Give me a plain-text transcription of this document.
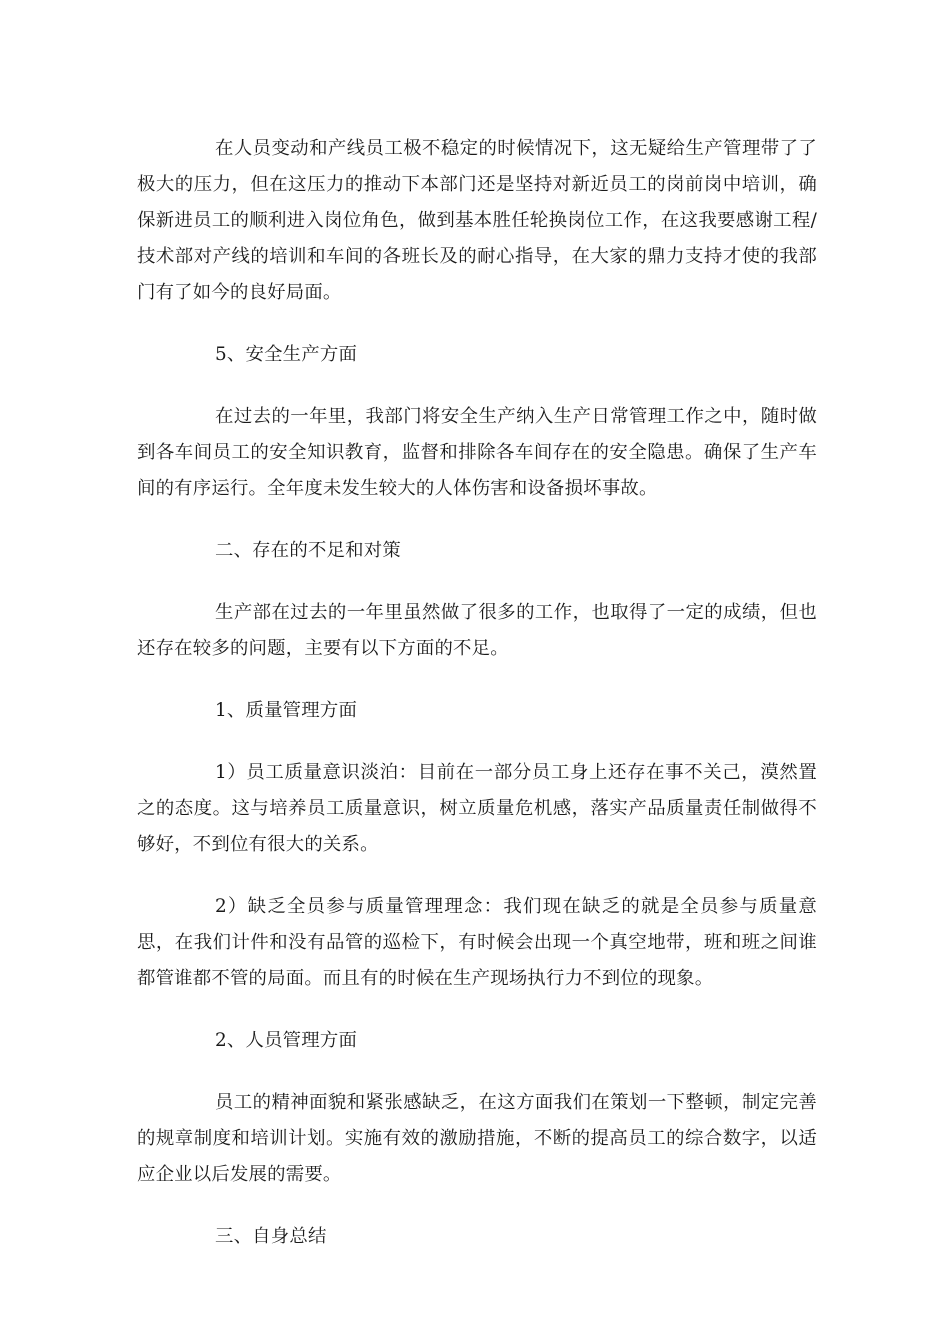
在人员变动和产线员工极不稳定的时候情况下，这无疑给生产管理带了了极大的压力，但在这压力的推动下本部门还是坚持对新近员工的岗前岗中培训，确保新进员工的顺利进入岗位角色，做到基本胜任轮换岗位工作，在这我要感谢工程/技术部对产线的培训和车间的各班长及的耐心指导，在大家的鼎力支持才使的我部门有了如今的良好局面。

5、安全生产方面

在过去的一年里，我部门将安全生产纳入生产日常管理工作之中，随时做到各车间员工的安全知识教育，监督和排除各车间存在的安全隐患。确保了生产车间的有序运行。全年度未发生较大的人体伤害和设备损坏事故。

二、存在的不足和对策

生产部在过去的一年里虽然做了很多的工作，也取得了一定的成绩，但也还存在较多的问题，主要有以下方面的不足。

1、质量管理方面

1）员工质量意识淡泊：目前在一部分员工身上还存在事不关己，漠然置之的态度。这与培养员工质量意识，树立质量危机感，落实产品质量责任制做得不够好，不到位有很大的关系。

2）缺乏全员参与质量管理理念：我们现在缺乏的就是全员参与质量意思，在我们计件和没有品管的巡检下，有时候会出现一个真空地带，班和班之间谁都管谁都不管的局面。而且有的时候在生产现场执行力不到位的现象。

2、人员管理方面

员工的精神面貌和紧张感缺乏，在这方面我们在策划一下整顿，制定完善的规章制度和培训计划。实施有效的激励措施，不断的提高员工的综合数字，以适应企业以后发展的需要。

三、自身总结
